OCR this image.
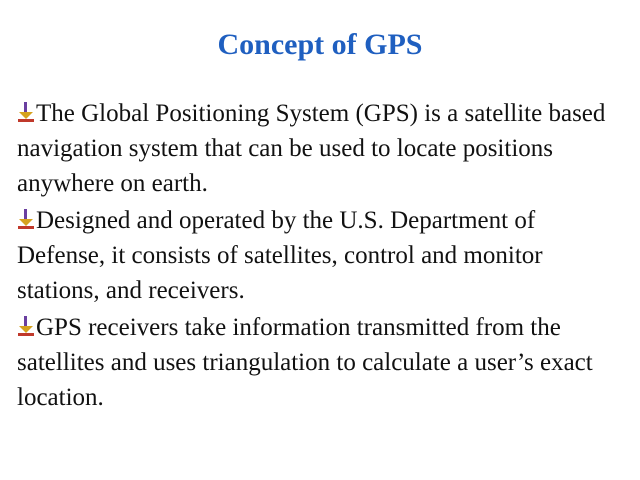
Concept of GPS
The Global Positioning System (GPS) is a satellite based navigation system that can be used to locate positions anywhere on earth.
Designed and operated by the U.S. Department of Defense, it consists of satellites, control and monitor stations, and receivers.
GPS receivers take information transmitted from the satellites and uses triangulation to calculate a user’s exact location.
